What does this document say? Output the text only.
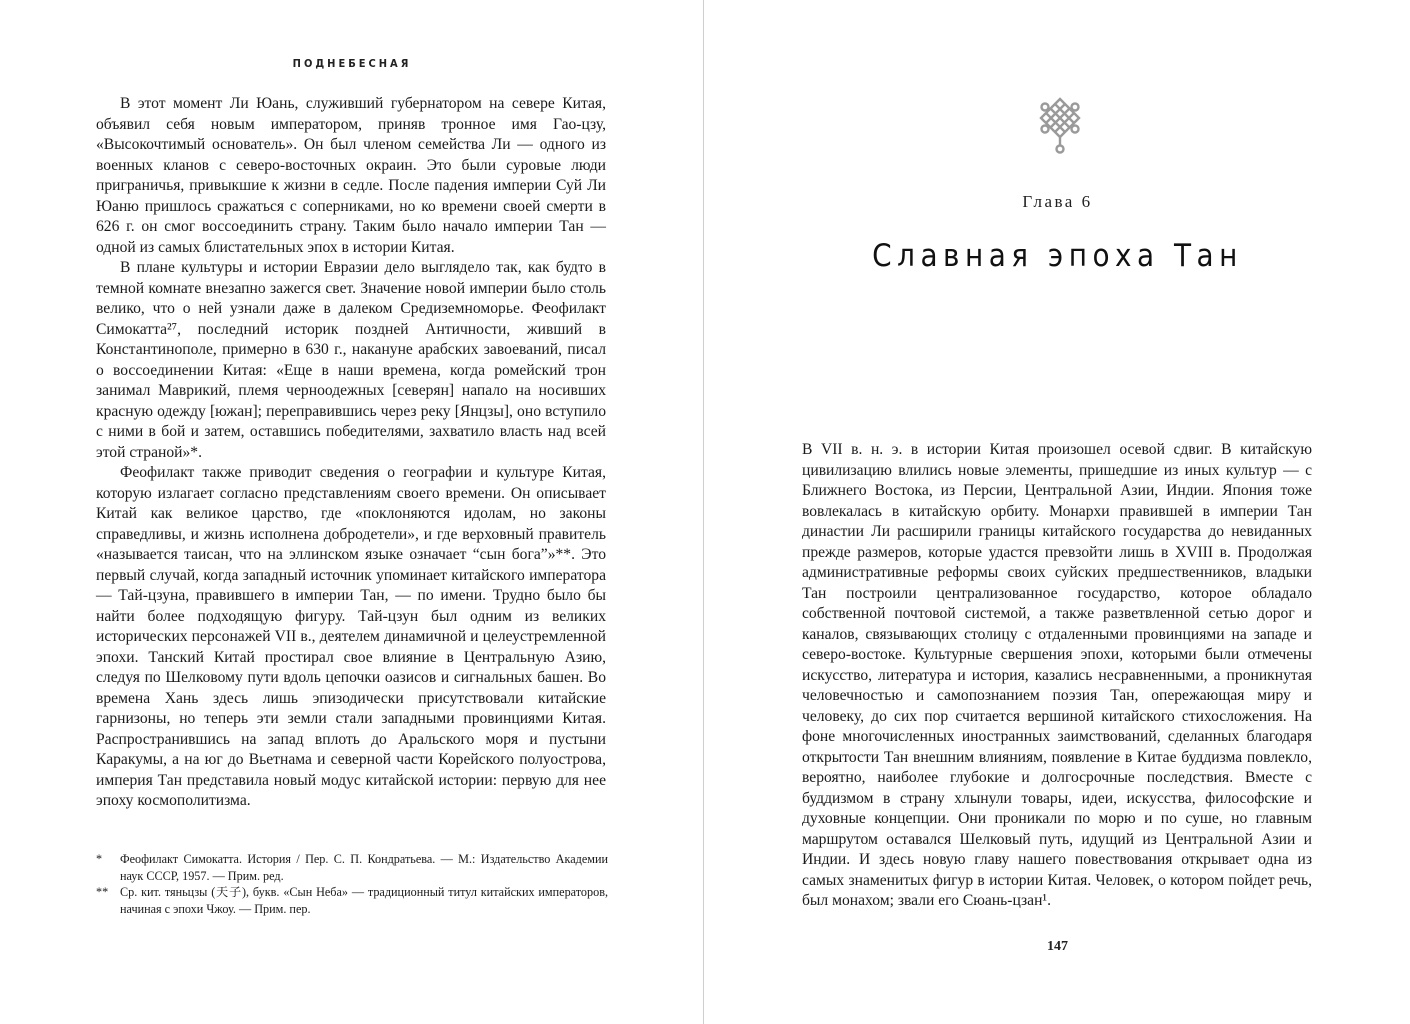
ПОДНЕБЕСНАЯ

В этот момент Ли Юань, служивший губернатором на севере Китая, объявил себя новым императором, приняв тронное имя Гао-цзу, «Высокочтимый основатель». Он был членом семейства Ли — одного из военных кланов с северо-восточных окраин. Это были суровые люди приграничья, привыкшие к жизни в седле. После падения империи Суй Ли Юаню пришлось сражаться с соперниками, но ко времени своей смерти в 626 г. он смог воссоединить страну. Таким было начало империи Тан — одной из самых блистательных эпох в истории Китая.

В плане культуры и истории Евразии дело выглядело так, как будто в темной комнате внезапно зажегся свет. Значение новой империи было столь велико, что о ней узнали даже в далеком Средиземноморье. Феофилакт Симокатта²⁷, последний историк поздней Античности, живший в Константинополе, примерно в 630 г., накануне арабских завоеваний, писал о воссоединении Китая: «Еще в наши времена, когда ромейский трон занимал Маврикий, племя черноодежных [северян] напало на носивших красную одежду [южан]; переправившись через реку [Янцзы], оно вступило с ними в бой и затем, оставшись победителями, захватило власть над всей этой страной»*.

Феофилакт также приводит сведения о географии и культуре Китая, которую излагает согласно представлениям своего времени. Он описывает Китай как великое царство, где «поклоняются идолам, но законы справедливы, и жизнь исполнена добродетели», и где верховный правитель «называется таисан, что на эллинском языке означает “сын бога”»**. Это первый случай, когда западный источник упоминает китайского императора — Тай-цзуна, правившего в империи Тан, — по имени. Трудно было бы найти более подходящую фигуру. Тай-цзун был одним из великих исторических персонажей VII в., деятелем динамичной и целеустремленной эпохи. Танский Китай простирал свое влияние в Центральную Азию, следуя по Шелковому пути вдоль цепочки оазисов и сигнальных башен. Во времена Хань здесь лишь эпизодически присутствовали китайские гарнизоны, но теперь эти земли стали западными провинциями Китая. Распространившись на запад вплоть до Аральского моря и пустыни Каракумы, а на юг до Вьетнама и северной части Корейского полуострова, империя Тан представила новый модус китайской истории: первую для нее эпоху космополитизма.

* Феофилакт Симокатта. История / Пер. С. П. Кондратьева. — М.: Издательство Академии наук СССР, 1957. — Прим. ред.
** Ср. кит. тяньцзы (天子), букв. «Сын Неба» — традиционный титул китайских императоров, начиная с эпохи Чжоу. — Прим. пер.
Глава 6
Славная эпоха Тан

В VII в. н. э. в истории Китая произошел осевой сдвиг. В китайскую цивилизацию влились новые элементы, пришедшие из иных культур — с Ближнего Востока, из Персии, Центральной Азии, Индии. Япония тоже вовлекалась в китайскую орбиту. Монархи правившей в империи Тан династии Ли расширили границы китайского государства до невиданных прежде размеров, которые удастся превзойти лишь в XVIII в. Продолжая административные реформы своих суйских предшественников, владыки Тан построили централизованное государство, которое обладало собственной почтовой системой, а также разветвленной сетью дорог и каналов, связывающих столицу с отдаленными провинциями на западе и северо-востоке. Культурные свершения эпохи, которыми были отмечены искусство, литература и история, казались несравненными, а проникнутая человечностью и самопознанием поэзия Тан, опережающая миру и человеку, до сих пор считается вершиной китайского стихосложения. На фоне многочисленных иностранных заимствований, сделанных благодаря открытости Тан внешним влияниям, появление в Китае буддизма повлекло, вероятно, наиболее глубокие и долгосрочные последствия. Вместе с буддизмом в страну хлынули товары, идеи, искусства, философские и духовные концепции. Они проникали по морю и по суше, но главным маршрутом оставался Шелковый путь, идущий из Центральной Азии и Индии. И здесь новую главу нашего повествования открывает одна из самых знаменитых фигур в истории Китая. Человек, о котором пойдет речь, был монахом; звали его Сюань-цзан¹.

147
